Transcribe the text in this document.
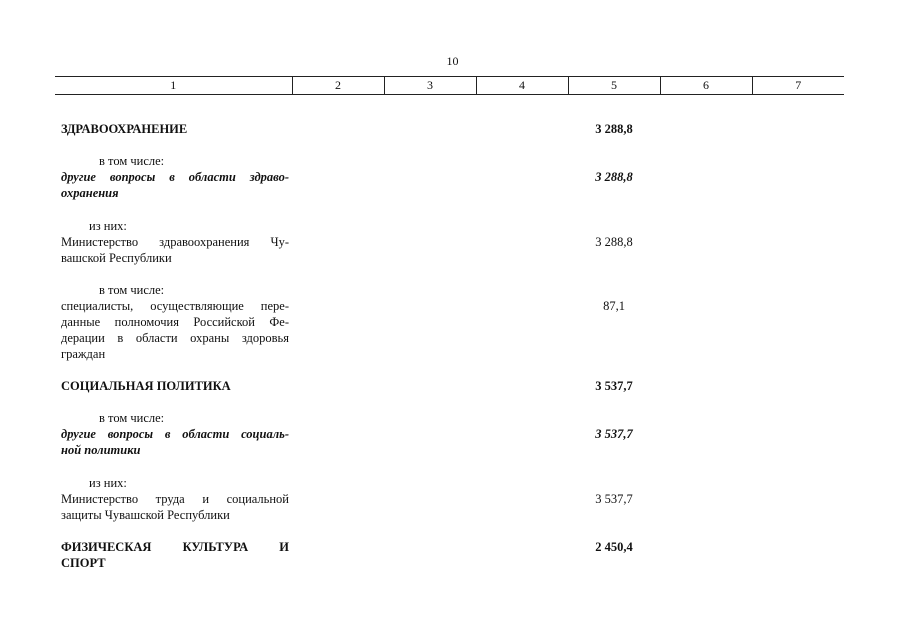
10
1	2	3	4	5	6	7
ЗДРАВООХРАНЕНИЕ				3 288,8		

в том числе:
другие вопросы в области здраво-
охранения				3 288,8		

из них:
Министерство здравоохранения Чу-
вашской Республики				3 288,8		

в том числе:
специалисты, осуществляющие пере-
данные полномочия Российской Фе-
дерации в области охраны здоровья
граждан				87,1		
СОЦИАЛЬНАЯ ПОЛИТИКА				3 537,7		

в том числе:
другие вопросы в области социаль-
ной политики				3 537,7		

из них:
Министерство труда и социальной
защиты Чувашской Республики				3 537,7		

ФИЗИЧЕСКАЯ КУЛЬТУРА И
СПОРТ				2 450,4		
